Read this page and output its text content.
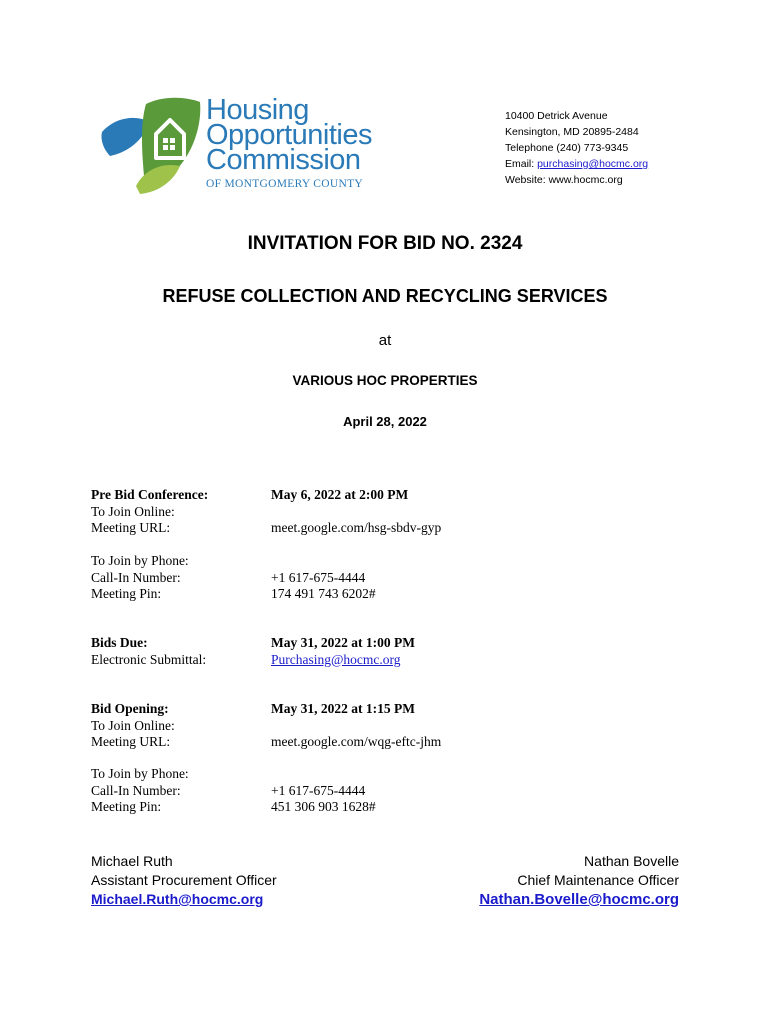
Housing
Opportunities
Commission
OF MONTGOMERY COUNTY
10400 Detrick Avenue
Kensington, MD 20895-2484
Telephone (240) 773-9345
Email: purchasing@hocmc.org
Website: www.hocmc.org
INVITATION FOR BID NO. 2324
REFUSE COLLECTION AND RECYCLING SERVICES
at
VARIOUS HOC PROPERTIES
April 28, 2022
Pre Bid Conference:
To Join Online:
Meeting URL:
May 6, 2022 at 2:00 PM
meet.google.com/hsg-sbdv-gyp
To Join by Phone:
Call-In Number:
Meeting Pin:
+1 617-675-4444
174 491 743 6202#
Bids Due:
Electronic Submittal:
May 31, 2022 at 1:00 PM
Purchasing@hocmc.org
Bid Opening:
To Join Online:
Meeting URL:
May 31, 2022 at 1:15 PM
meet.google.com/wqg-eftc-jhm
To Join by Phone:
Call-In Number:
Meeting Pin:
+1 617-675-4444
451 306 903 1628#
Michael Ruth
Assistant Procurement Officer
Michael.Ruth@hocmc.org
Nathan Bovelle
Chief Maintenance Officer
Nathan.Bovelle@hocmc.org
